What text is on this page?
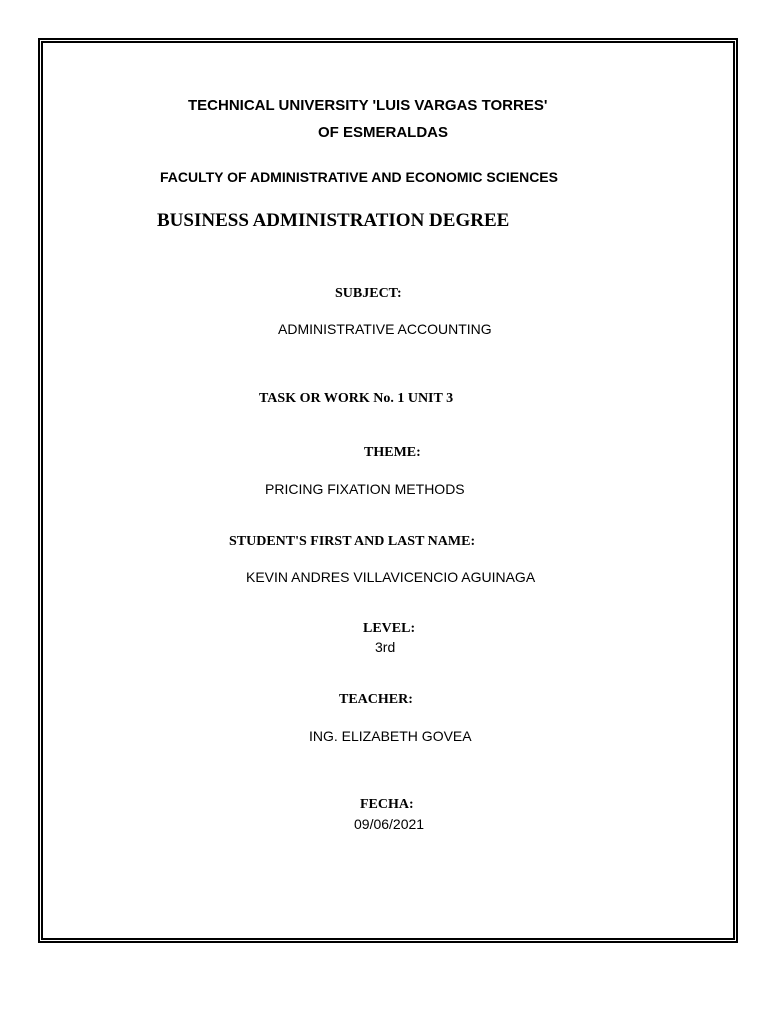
TECHNICAL UNIVERSITY 'LUIS VARGAS TORRES'
OF ESMERALDAS
FACULTY OF ADMINISTRATIVE AND ECONOMIC SCIENCES
BUSINESS ADMINISTRATION DEGREE
SUBJECT:
ADMINISTRATIVE ACCOUNTING
TASK OR WORK No. 1 UNIT 3
THEME:
PRICING FIXATION METHODS
STUDENT'S FIRST AND LAST NAME:
KEVIN ANDRES VILLAVICENCIO AGUINAGA
LEVEL:
3rd
TEACHER:
ING. ELIZABETH GOVEA
FECHA:
09/06/2021
